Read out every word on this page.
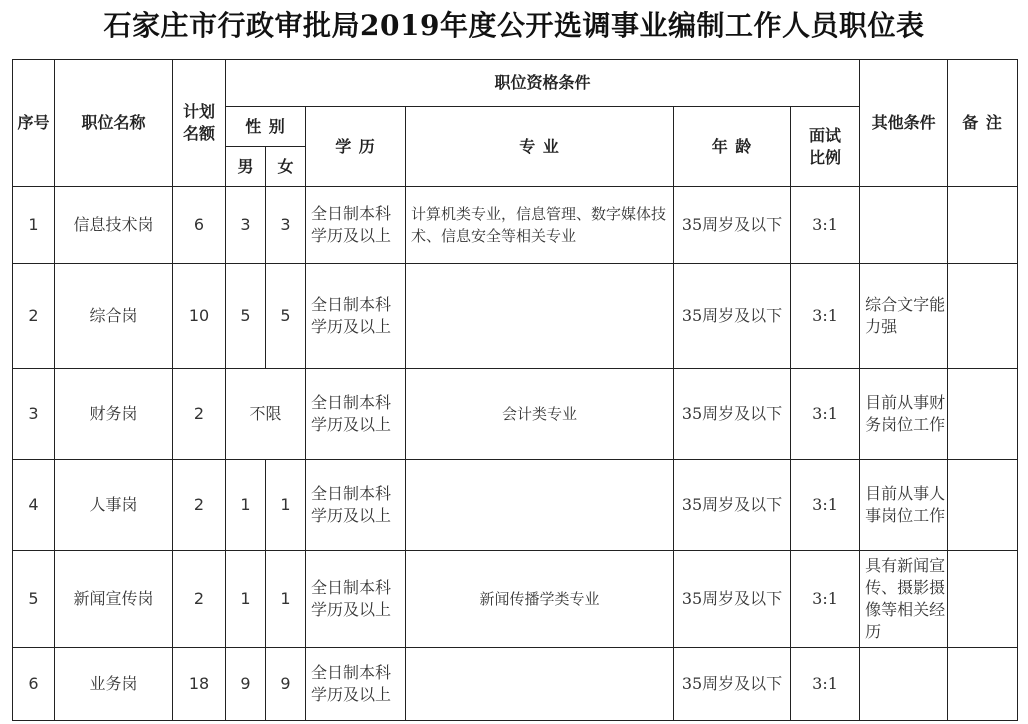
石家庄市行政审批局2019年度公开选调事业编制工作人员职位表
序号	职位名称	计划名额	职位资格条件						其他条件	备 注
			性 别		学 历	专 业	年 龄	面试比例		
			男	女						
1	信息技术岗	6	3	3	全日制本科学历及以上	计算机类专业，信息管理、数字媒体技术、信息安全等相关专业	35周岁及以下	3:1		
2	综合岗	10	5	5	全日制本科学历及以上		35周岁及以下	3:1	综合文字能力强	
3	财务岗	2	不限		全日制本科学历及以上	会计类专业	35周岁及以下	3:1	目前从事财务岗位工作	
4	人事岗	2	1	1	全日制本科学历及以上		35周岁及以下	3:1	目前从事人事岗位工作	
5	新闻宣传岗	2	1	1	全日制本科学历及以上	新闻传播学类专业	35周岁及以下	3:1	具有新闻宣传、摄影摄像等相关经历	
6	业务岗	18	9	9	全日制本科学历及以上		35周岁及以下	3:1		
